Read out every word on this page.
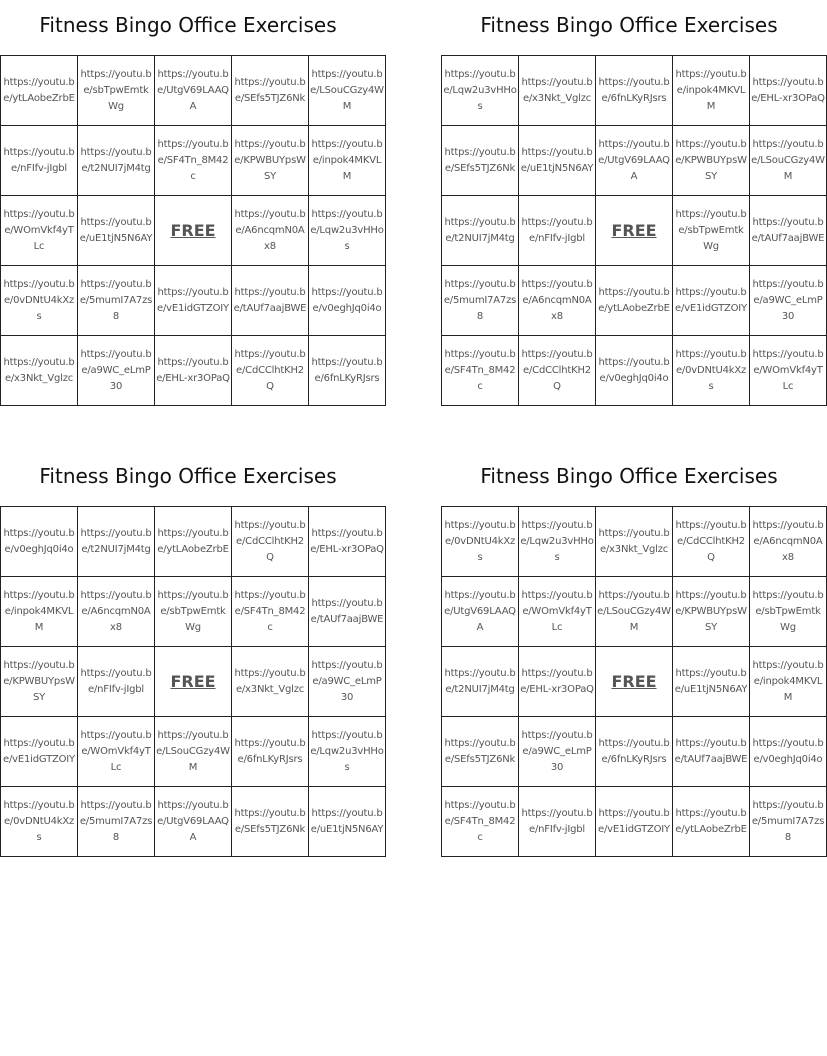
Fitness Bingo Office Exercises
https://youtu.be/ytLAobeZrbE	https://youtu.be/sbTpwEmtkWg	https://youtu.be/UtgV69LAAQA	https://youtu.be/SEfs5TJZ6Nk	https://youtu.be/LSouCGzy4WM
https://youtu.be/nFIfv-jIgbl	https://youtu.be/t2NUI7jM4tg	https://youtu.be/SF4Tn_8M42c	https://youtu.be/KPWBUYpsWSY	https://youtu.be/inpok4MKVLM
https://youtu.be/WOmVkf4yTLc	https://youtu.be/uE1tjN5N6AY	FREE	https://youtu.be/A6ncqmN0Ax8	https://youtu.be/Lqw2u3vHHos
https://youtu.be/0vDNtU4kXzs	https://youtu.be/5mumI7A7zs8	https://youtu.be/vE1idGTZOIY	https://youtu.be/tAUf7aajBWE	https://youtu.be/v0eghJq0i4o
https://youtu.be/x3Nkt_Vglzc	https://youtu.be/a9WC_eLmP30	https://youtu.be/EHL-xr3OPaQ	https://youtu.be/CdCClhtKH2Q	https://youtu.be/6fnLKyRJsrs
Fitness Bingo Office Exercises
https://youtu.be/Lqw2u3vHHos	https://youtu.be/x3Nkt_Vglzc	https://youtu.be/6fnLKyRJsrs	https://youtu.be/inpok4MKVLM	https://youtu.be/EHL-xr3OPaQ
https://youtu.be/SEfs5TJZ6Nk	https://youtu.be/uE1tjN5N6AY	https://youtu.be/UtgV69LAAQA	https://youtu.be/KPWBUYpsWSY	https://youtu.be/LSouCGzy4WM
https://youtu.be/t2NUI7jM4tg	https://youtu.be/nFIfv-jIgbl	FREE	https://youtu.be/sbTpwEmtkWg	https://youtu.be/tAUf7aajBWE
https://youtu.be/5mumI7A7zs8	https://youtu.be/A6ncqmN0Ax8	https://youtu.be/ytLAobeZrbE	https://youtu.be/vE1idGTZOIY	https://youtu.be/a9WC_eLmP30
https://youtu.be/SF4Tn_8M42c	https://youtu.be/CdCClhtKH2Q	https://youtu.be/v0eghJq0i4o	https://youtu.be/0vDNtU4kXzs	https://youtu.be/WOmVkf4yTLc
Fitness Bingo Office Exercises
https://youtu.be/v0eghJq0i4o	https://youtu.be/t2NUI7jM4tg	https://youtu.be/ytLAobeZrbE	https://youtu.be/CdCClhtKH2Q	https://youtu.be/EHL-xr3OPaQ
https://youtu.be/inpok4MKVLM	https://youtu.be/A6ncqmN0Ax8	https://youtu.be/sbTpwEmtkWg	https://youtu.be/SF4Tn_8M42c	https://youtu.be/tAUf7aajBWE
https://youtu.be/KPWBUYpsWSY	https://youtu.be/nFIfv-jIgbl	FREE	https://youtu.be/x3Nkt_Vglzc	https://youtu.be/a9WC_eLmP30
https://youtu.be/vE1idGTZOIY	https://youtu.be/WOmVkf4yTLc	https://youtu.be/LSouCGzy4WM	https://youtu.be/6fnLKyRJsrs	https://youtu.be/Lqw2u3vHHos
https://youtu.be/0vDNtU4kXzs	https://youtu.be/5mumI7A7zs8	https://youtu.be/UtgV69LAAQA	https://youtu.be/SEfs5TJZ6Nk	https://youtu.be/uE1tjN5N6AY
Fitness Bingo Office Exercises
https://youtu.be/0vDNtU4kXzs	https://youtu.be/Lqw2u3vHHos	https://youtu.be/x3Nkt_Vglzc	https://youtu.be/CdCClhtKH2Q	https://youtu.be/A6ncqmN0Ax8
https://youtu.be/UtgV69LAAQA	https://youtu.be/WOmVkf4yTLc	https://youtu.be/LSouCGzy4WM	https://youtu.be/KPWBUYpsWSY	https://youtu.be/sbTpwEmtkWg
https://youtu.be/t2NUI7jM4tg	https://youtu.be/EHL-xr3OPaQ	FREE	https://youtu.be/uE1tjN5N6AY	https://youtu.be/inpok4MKVLM
https://youtu.be/SEfs5TJZ6Nk	https://youtu.be/a9WC_eLmP30	https://youtu.be/6fnLKyRJsrs	https://youtu.be/tAUf7aajBWE	https://youtu.be/v0eghJq0i4o
https://youtu.be/SF4Tn_8M42c	https://youtu.be/nFIfv-jIgbl	https://youtu.be/vE1idGTZOIY	https://youtu.be/ytLAobeZrbE	https://youtu.be/5mumI7A7zs8
